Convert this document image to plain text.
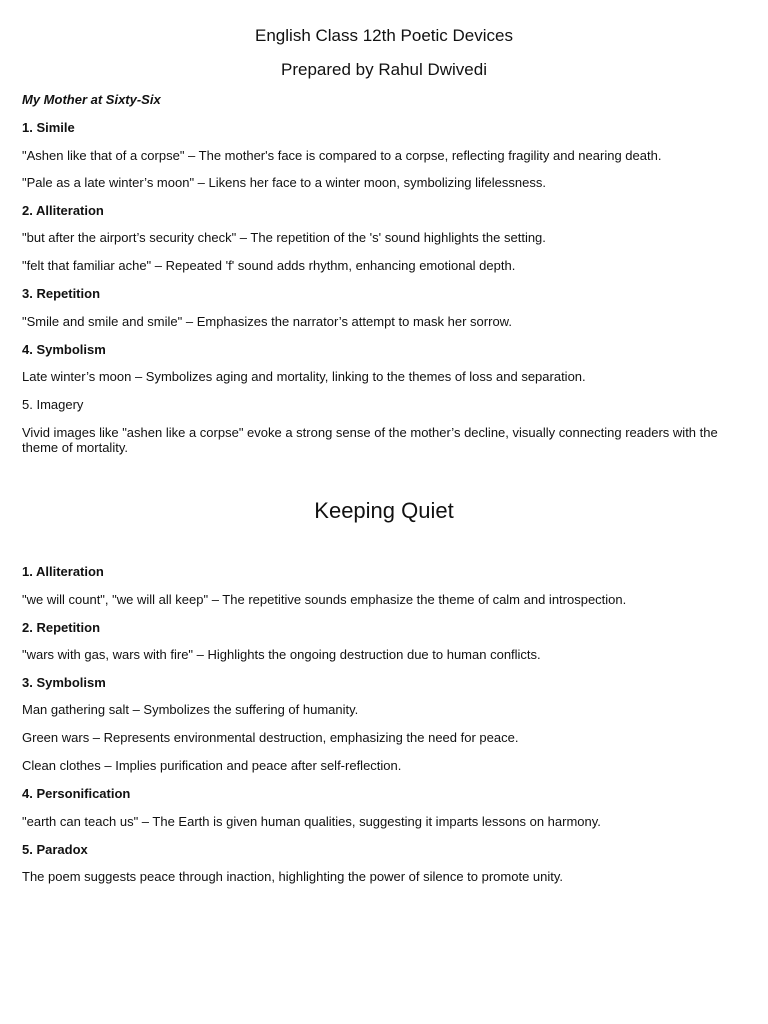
English Class 12th Poetic Devices
Prepared by Rahul Dwivedi
My Mother at Sixty-Six
1. Simile
"Ashen like that of a corpse" – The mother's face is compared to a corpse, reflecting fragility and nearing death.
"Pale as a late winter’s moon" – Likens her face to a winter moon, symbolizing lifelessness.
2. Alliteration
"but after the airport’s security check" – The repetition of the 's' sound highlights the setting.
"felt that familiar ache" – Repeated 'f' sound adds rhythm, enhancing emotional depth.
3. Repetition
"Smile and smile and smile" – Emphasizes the narrator’s attempt to mask her sorrow.
4. Symbolism
Late winter’s moon – Symbolizes aging and mortality, linking to the themes of loss and separation.
5. Imagery
Vivid images like "ashen like a corpse" evoke a strong sense of the mother’s decline, visually connecting readers with the theme of mortality.
Keeping Quiet
1. Alliteration
"we will count", "we will all keep" – The repetitive sounds emphasize the theme of calm and introspection.
2. Repetition
"wars with gas, wars with fire" – Highlights the ongoing destruction due to human conflicts.
3. Symbolism
Man gathering salt – Symbolizes the suffering of humanity.
Green wars – Represents environmental destruction, emphasizing the need for peace.
Clean clothes – Implies purification and peace after self-reflection.
4. Personification
"earth can teach us" – The Earth is given human qualities, suggesting it imparts lessons on harmony.
5. Paradox
The poem suggests peace through inaction, highlighting the power of silence to promote unity.
